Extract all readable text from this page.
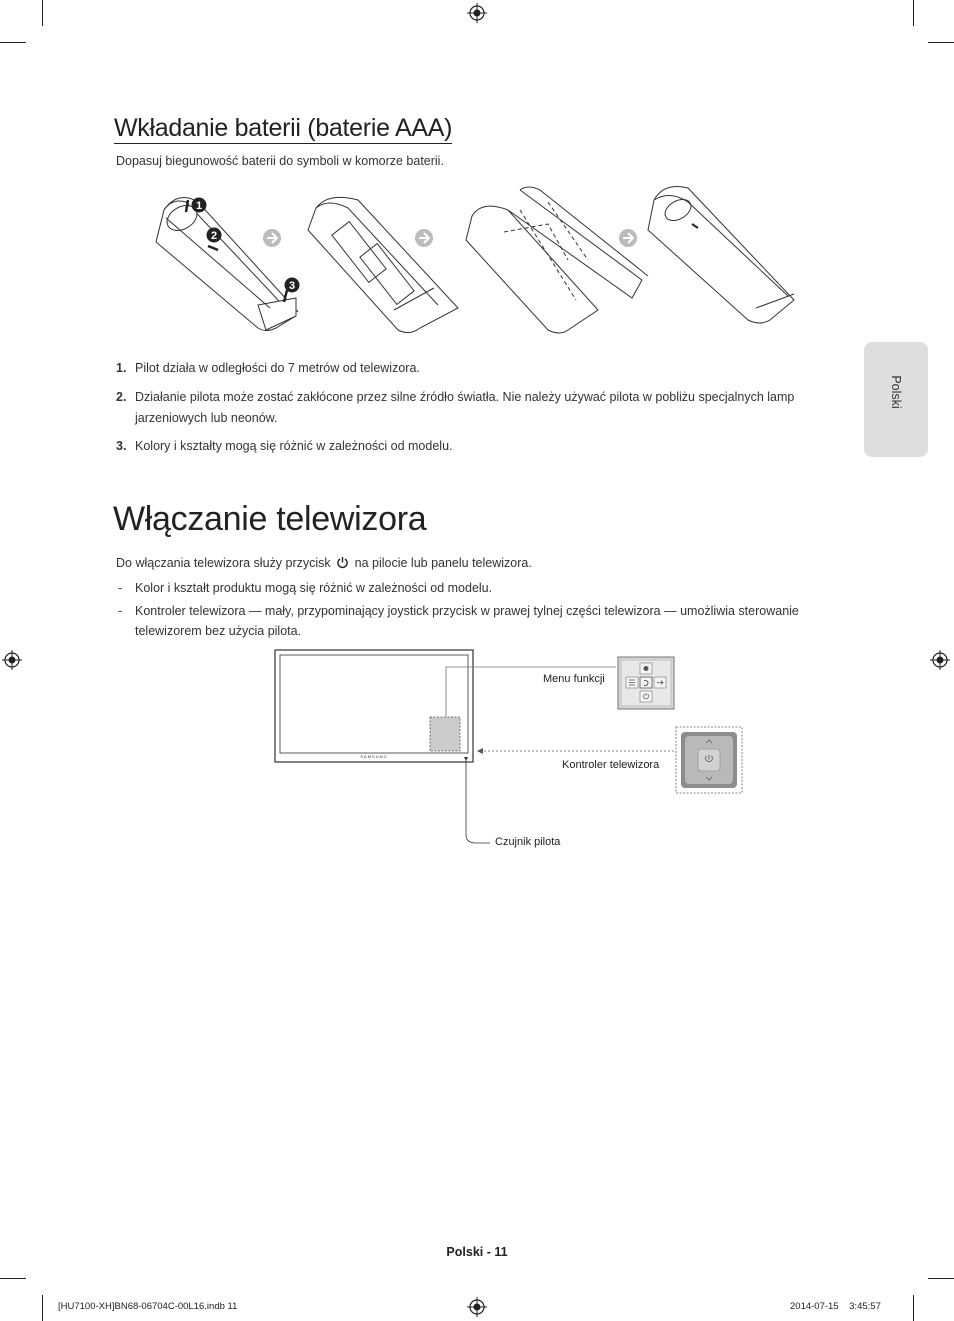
Wkładanie baterii (baterie AAA)
Dopasuj biegunowość baterii do symboli w komorze baterii.
1
2
3
1. Pilot działa w odległości do 7 metrów od telewizora.
2. Działanie pilota może zostać zakłócone przez silne źródło światła. Nie należy używać pilota w pobliżu specjalnych lamp jarzeniowych lub neonów.
3. Kolory i kształty mogą się różnić w zależności od modelu.
Polski
Włączanie telewizora
Do włączania telewizora służy przycisk na pilocie lub panelu telewizora.
- Kolor i kształt produktu mogą się różnić w zależności od modelu.
- Kontroler telewizora — mały, przypominający joystick przycisk w prawej tylnej części telewizora — umożliwia sterowanie telewizorem bez użycia pilota.
SAMSUNG
Menu funkcji
Kontroler telewizora
Czujnik pilota
Polski - 11
[HU7100-XH]BN68-06704C-00L16.indb 11	2014-07-15    3:45:57
